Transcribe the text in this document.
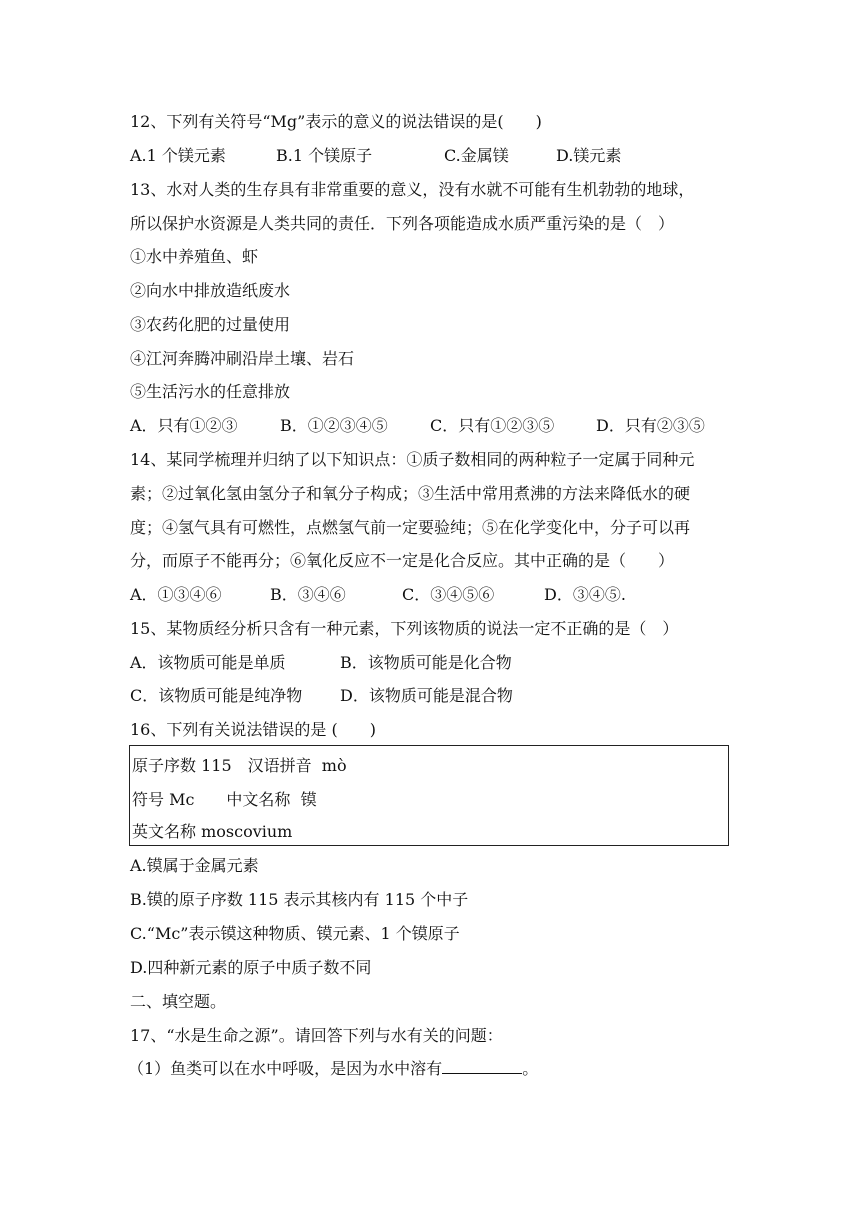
12、下列有关符号“Mg”表示的意义的说法错误的是(　　)
A.1 个镁元素	B.1 个镁原子	C.金属镁	D.镁元素
13、水对人类的生存具有非常重要的意义，没有水就不可能有生机勃勃的地球，
所以保护水资源是人类共同的责任．下列各项能造成水质严重污染的是（　）
①水中养殖鱼、虾
②向水中排放造纸废水
③农药化肥的过量使用
④江河奔腾冲刷沿岸土壤、岩石
⑤生活污水的任意排放
A．只有①②③	B．①②③④⑤	C．只有①②③⑤	D．只有②③⑤
14、某同学梳理并归纳了以下知识点：①质子数相同的两种粒子一定属于同种元
素；②过氧化氢由氢分子和氧分子构成；③生活中常用煮沸的方法来降低水的硬
度；④氢气具有可燃性，点燃氢气前一定要验纯；⑤在化学变化中，分子可以再
分，而原子不能再分；⑥氧化反应不一定是化合反应。其中正确的是（　　）
A．①③④⑥	B．③④⑥	C．③④⑤⑥	D．③④⑤.
15、某物质经分析只含有一种元素，下列该物质的说法一定不正确的是（　）
A．该物质可能是单质	B．该物质可能是化合物
C．该物质可能是纯净物 D．该物质可能是混合物
16、下列有关说法错误的是 (　　)
原子序数 115　汉语拼音  mò
符号 Mc　　中文名称  镆
英文名称 moscovium
A.镆属于金属元素
B.镆的原子序数 115 表示其核内有 115 个中子
C.“Mc”表示镆这种物质、镆元素、1 个镆原子
D.四种新元素的原子中质子数不同
二、填空题。
17、“水是生命之源”。请回答下列与水有关的问题：
（1）鱼类可以在水中呼吸，是因为水中溶有	。
